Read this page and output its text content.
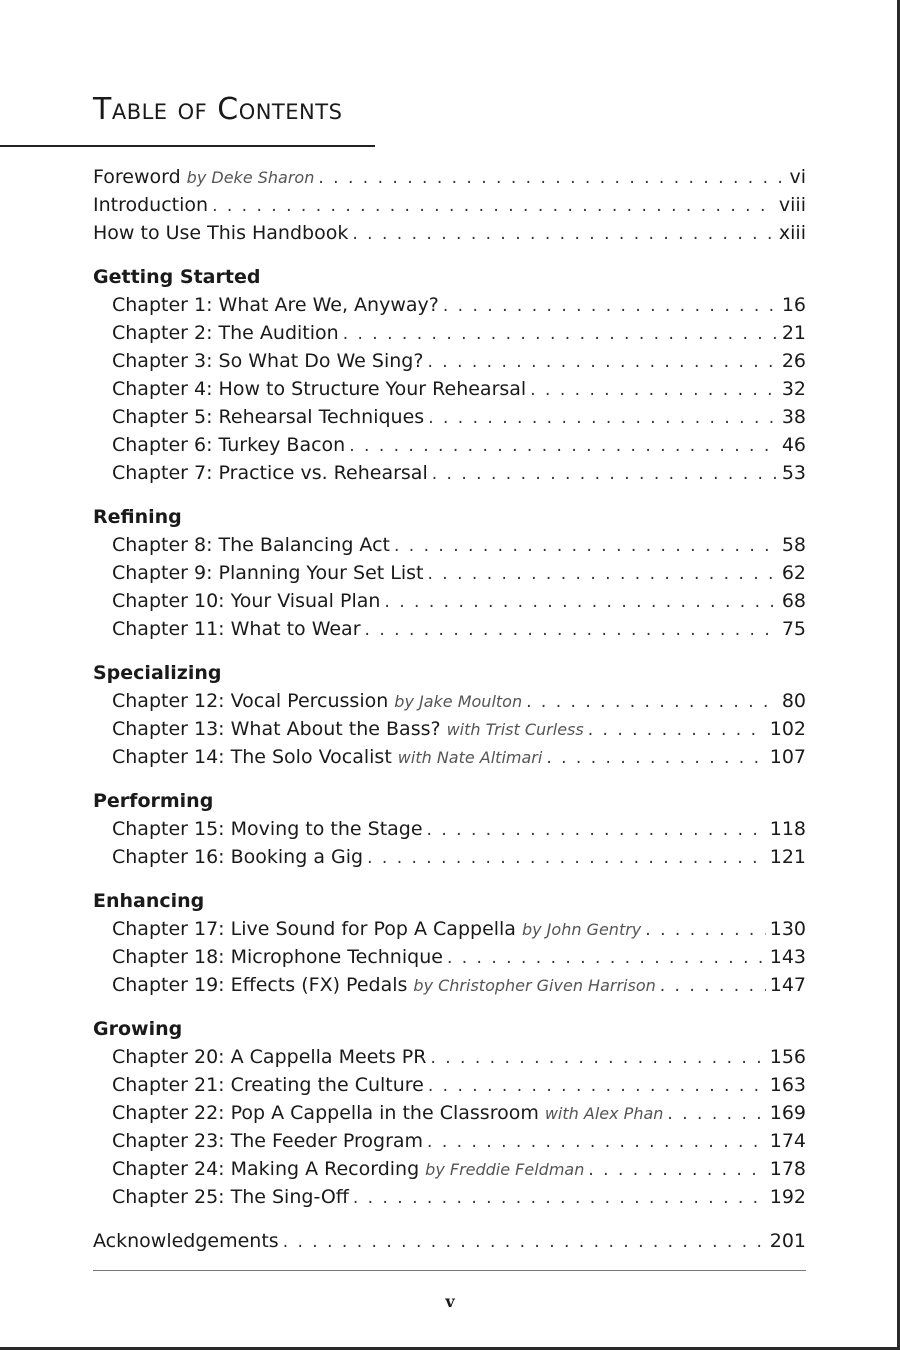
Table of Contents
Foreword by Deke Sharon . . .	vi
Introduction . . .	viii
How to Use This Handbook . . .	xiii
Getting Started
Chapter 1: What Are We, Anyway? . . .	16
Chapter 2: The Audition . . .	21
Chapter 3: So What Do We Sing? . . .	26
Chapter 4: How to Structure Your Rehearsal . . .	32
Chapter 5: Rehearsal Techniques . . .	38
Chapter 6: Turkey Bacon . . .	46
Chapter 7: Practice vs. Rehearsal . . .	53
Refining
Chapter 8: The Balancing Act . . .	58
Chapter 9: Planning Your Set List . . .	62
Chapter 10: Your Visual Plan . . .	68
Chapter 11: What to Wear . . .	75
Specializing
Chapter 12: Vocal Percussion by Jake Moulton . . .	80
Chapter 13: What About the Bass? with Trist Curless . . .	102
Chapter 14: The Solo Vocalist with Nate Altimari . . .	107
Performing
Chapter 15: Moving to the Stage . . .	118
Chapter 16: Booking a Gig . . .	121
Enhancing
Chapter 17: Live Sound for Pop A Cappella by John Gentry . . .	130
Chapter 18: Microphone Technique . . .	143
Chapter 19: Effects (FX) Pedals by Christopher Given Harrison . . .	147
Growing
Chapter 20: A Cappella Meets PR . . .	156
Chapter 21: Creating the Culture . . .	163
Chapter 22: Pop A Cappella in the Classroom with Alex Phan . . .	169
Chapter 23: The Feeder Program . . .	174
Chapter 24: Making A Recording by Freddie Feldman . . .	178
Chapter 25: The Sing-Off . . .	192
Acknowledgements . . .	201
v
